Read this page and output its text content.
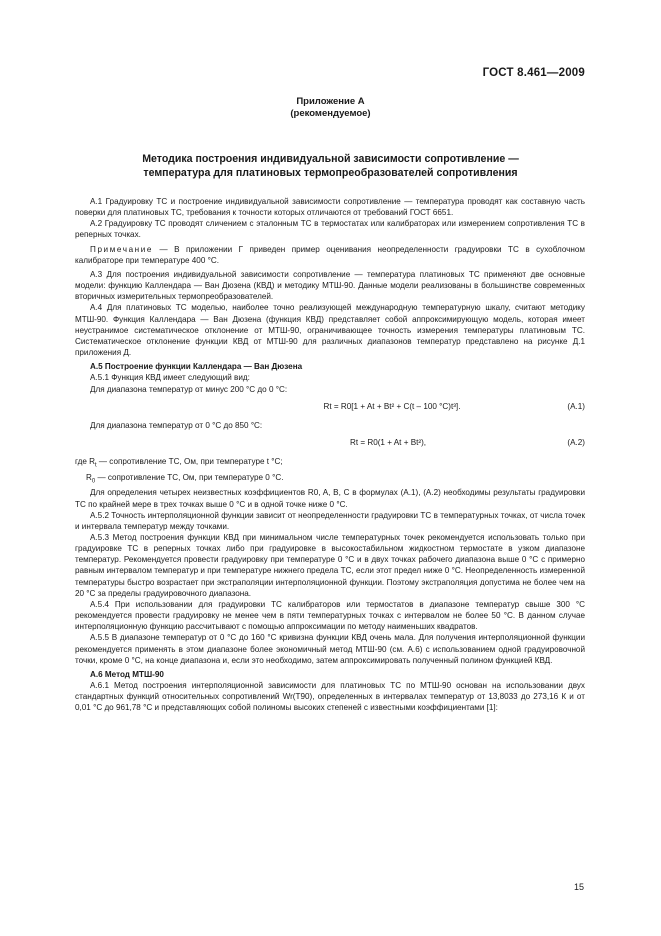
ГОСТ 8.461—2009
Приложение А
(рекомендуемое)
Методика построения индивидуальной зависимости сопротивление —
температура для платиновых термопреобразователей сопротивления

А.1 Градуировку ТС и построение индивидуальной зависимости сопротивление — температура проводят как составную часть поверки для платиновых ТС, требования к точности которых отличаются от требований ГОСТ 6651.

А.2 Градуировку ТС проводят сличением с эталонным ТС в термостатах или калибраторах или измерением сопротивления ТС в реперных точках.

Примечание — В приложении Г приведен пример оценивания неопределенности градуировки ТС в сухоблочном калибраторе при температуре 400 °С.

А.3 Для построения индивидуальной зависимости сопротивление — температура платиновых ТС применяют две основные модели: функцию Каллендара — Ван Дюзена (КВД) и методику МТШ-90. Данные модели реализованы в большинстве современных вторичных измерительных термопреобразователей.

А.4 Для платиновых ТС моделью, наиболее точно реализующей международную температурную шкалу, считают методику МТШ-90. Функция Каллендара — Ван Дюзена (функция КВД) представляет собой аппроксимирующую модель, которая имеет неустранимое систематическое отклонение от МТШ-90, ограничивающее точность измерения температуры платиновым ТС. Систематическое отклонение функции КВД от МТШ-90 для различных диапазонов температур представлено на рисунке Д.1 приложения Д.

А.5 Построение функции Каллендара — Ван Дюзена

А.5.1 Функция КВД имеет следующий вид:

Для диапазона температур от минус 200 °С до 0 °С:

Rt = R0[1 + At + Bt² + C(t – 100 °C)t³].	(А.1)

Для диапазона температур от 0 °С до 850 °С:

Rt = R0(1 + At + Bt²),	(А.2)

где $R_t$ — сопротивление ТС, Ом, при температуре t °С;

$R_0$ — сопротивление ТС, Ом, при температуре 0 °С.

Для определения четырех неизвестных коэффициентов R0, A, B, C в формулах (А.1), (А.2) необходимы результаты градуировки ТС по крайней мере в трех точках выше 0 °С и в одной точке ниже 0 °С.

А.5.2 Точность интерполяционной функции зависит от неопределенности градуировки ТС в температурных точках, от числа точек и интервала температур между точками.

А.5.3 Метод построения функции КВД при минимальном числе температурных точек рекомендуется использовать только при градуировке ТС в реперных точках либо при градуировке в высокостабильном жидкостном термостате в узком диапазоне температур. Рекомендуется провести градуировку при температуре 0 °С и в двух точках рабочего диапазона выше 0 °С с примерно равным интервалом температур и при температуре нижнего предела ТС, если этот предел ниже 0 °С. Неопределенность измеренной температуры быстро возрастает при экстраполяции интерполяционной функции. Поэтому экстраполяция допустима не более чем на 20 °С за пределы градуировочного диапазона.

А.5.4 При использовании для градуировки ТС калибраторов или термостатов в диапазоне температур свыше 300 °С рекомендуется провести градуировку не менее чем в пяти температурных точках с интервалом не более 50 °С. В данном случае интерполяционную функцию рассчитывают с помощью аппроксимации по методу наименьших квадратов.

А.5.5 В диапазоне температур от 0 °С до 160 °С кривизна функции КВД очень мала. Для получения интерполяционной функции рекомендуется применять в этом диапазоне более экономичный метод МТШ-90 (см. А.6) с использованием одной градуировочной точки, кроме 0 °С, на конце диапазона и, если это необходимо, затем аппроксимировать полученный полином функцией КВД.

А.6 Метод МТШ-90

А.6.1 Метод построения интерполяционной зависимости для платиновых ТС по МТШ-90 основан на использовании двух стандартных функций относительных сопротивлений Wr(T90), определенных в интервалах температур от 13,8033 до 273,16 К и от 0,01 °С до 961,78 °С и представляющих собой полиномы высоких степеней с известными коэффициентами [1]:

15
